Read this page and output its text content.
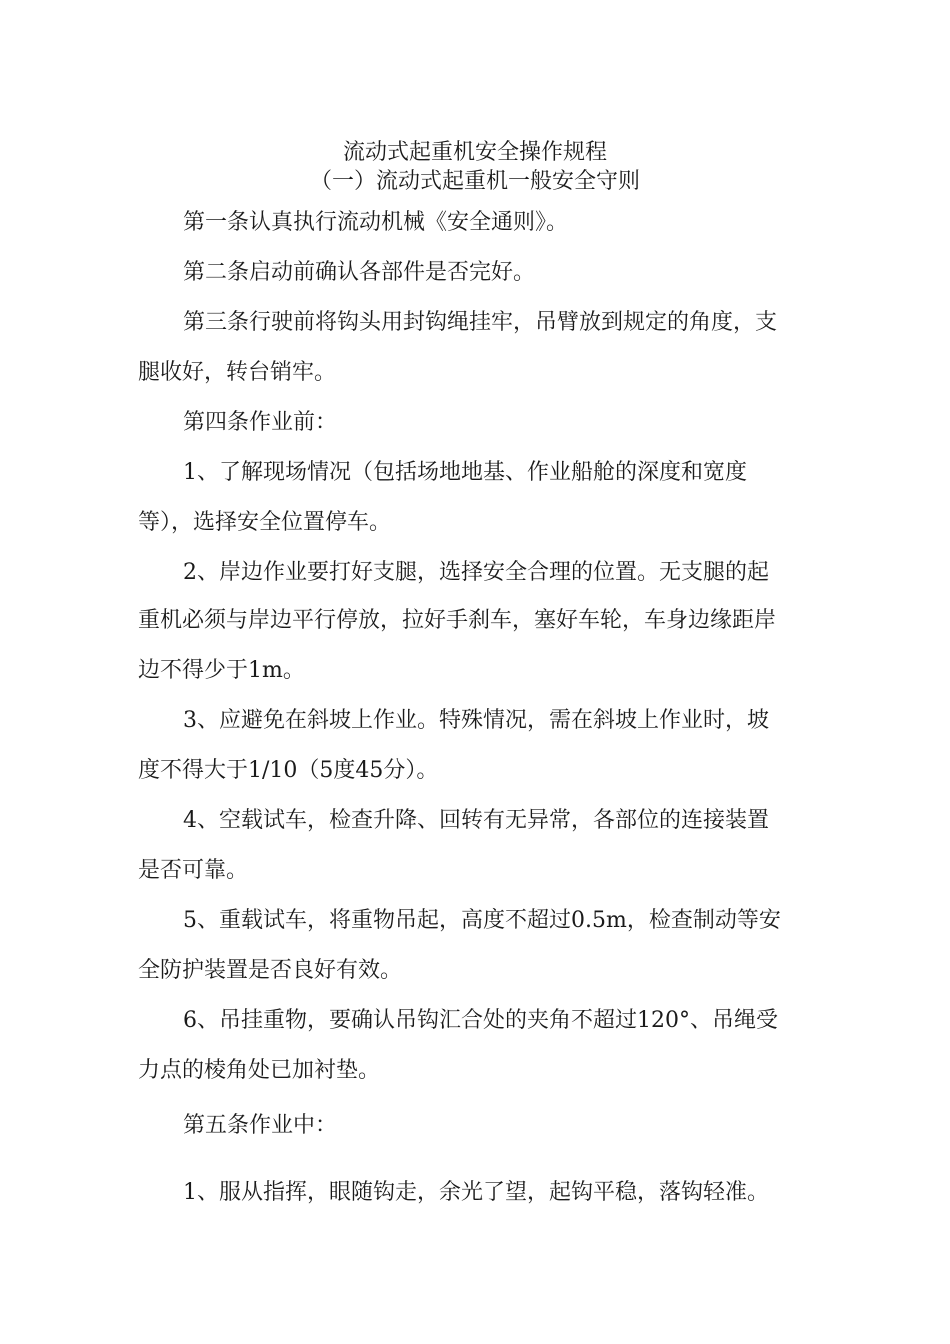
流动式起重机安全操作规程
（一）流动式起重机一般安全守则
第一条认真执行流动机械《安全通则》。
第二条启动前确认各部件是否完好。
第三条行驶前将钩头用封钩绳挂牢，吊臂放到规定的角度，支
腿收好，转台销牢。
第四条作业前：
1、了解现场情况（包括场地地基、作业船舱的深度和宽度
等），选择安全位置停车。
2、岸边作业要打好支腿，选择安全合理的位置。无支腿的起
重机必须与岸边平行停放，拉好手刹车，塞好车轮，车身边缘距岸
边不得少于1m。
3、应避免在斜坡上作业。特殊情况，需在斜坡上作业时，坡
度不得大于1/10（5度45分）。
4、空载试车，检查升降、回转有无异常，各部位的连接装置
是否可靠。
5、重载试车，将重物吊起，高度不超过0.5m，检查制动等安
全防护装置是否良好有效。
6、吊挂重物，要确认吊钩汇合处的夹角不超过120°、吊绳受
力点的棱角处已加衬垫。
第五条作业中：
1、服从指挥，眼随钩走，余光了望，起钩平稳，落钩轻准。
